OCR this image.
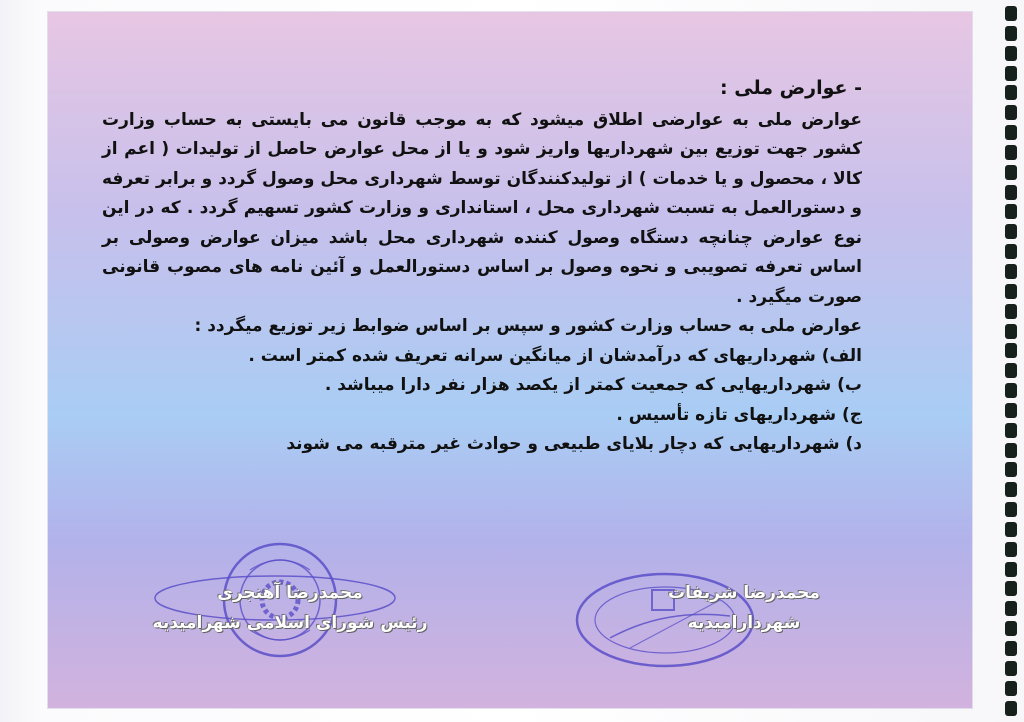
- عوارض ملی :

عوارض ملی به عوارضی اطلاق میشود که به موجب قانون می بایستی به حساب وزارت کشور جهت توزیع بین شهرداریها واریز شود و یا از محل عوارض حاصل از تولیدات ( اعم از کالا ، محصول و یا خدمات ) از تولیدکنندگان توسط شهرداری محل وصول گردد و برابر تعرفه و دستورالعمل به تسبت شهرداری محل ، استانداری و وزارت کشور تسهیم گردد . که در این نوع عوارض چنانچه دستگاه وصول کننده شهرداری محل باشد میزان عوارض وصولی بر اساس تعرفه تصویبی و نحوه وصول بر اساس دستورالعمل و آئین نامه های مصوب قانونی صورت میگیرد .

عوارض ملی به حساب وزارت کشور و سپس بر اساس ضوابط زیر توزیع میگردد :

الف) شهرداریهای که درآمدشان از میانگین سرانه تعریف شده کمتر است .

ب) شهرداریهایی که جمعیت کمتر از یکصد هزار نفر دارا میباشد .

ج) شهرداریهای تازه تأسیس .

د) شهرداریهایی که دچار بلایای طبیعی و حوادث غیر مترقبه می شوند

محمدرضا شریفات
شهردارامیدیه
محمدرضا آهنجری
رئیس شورای اسلامی شهرامیدیه
